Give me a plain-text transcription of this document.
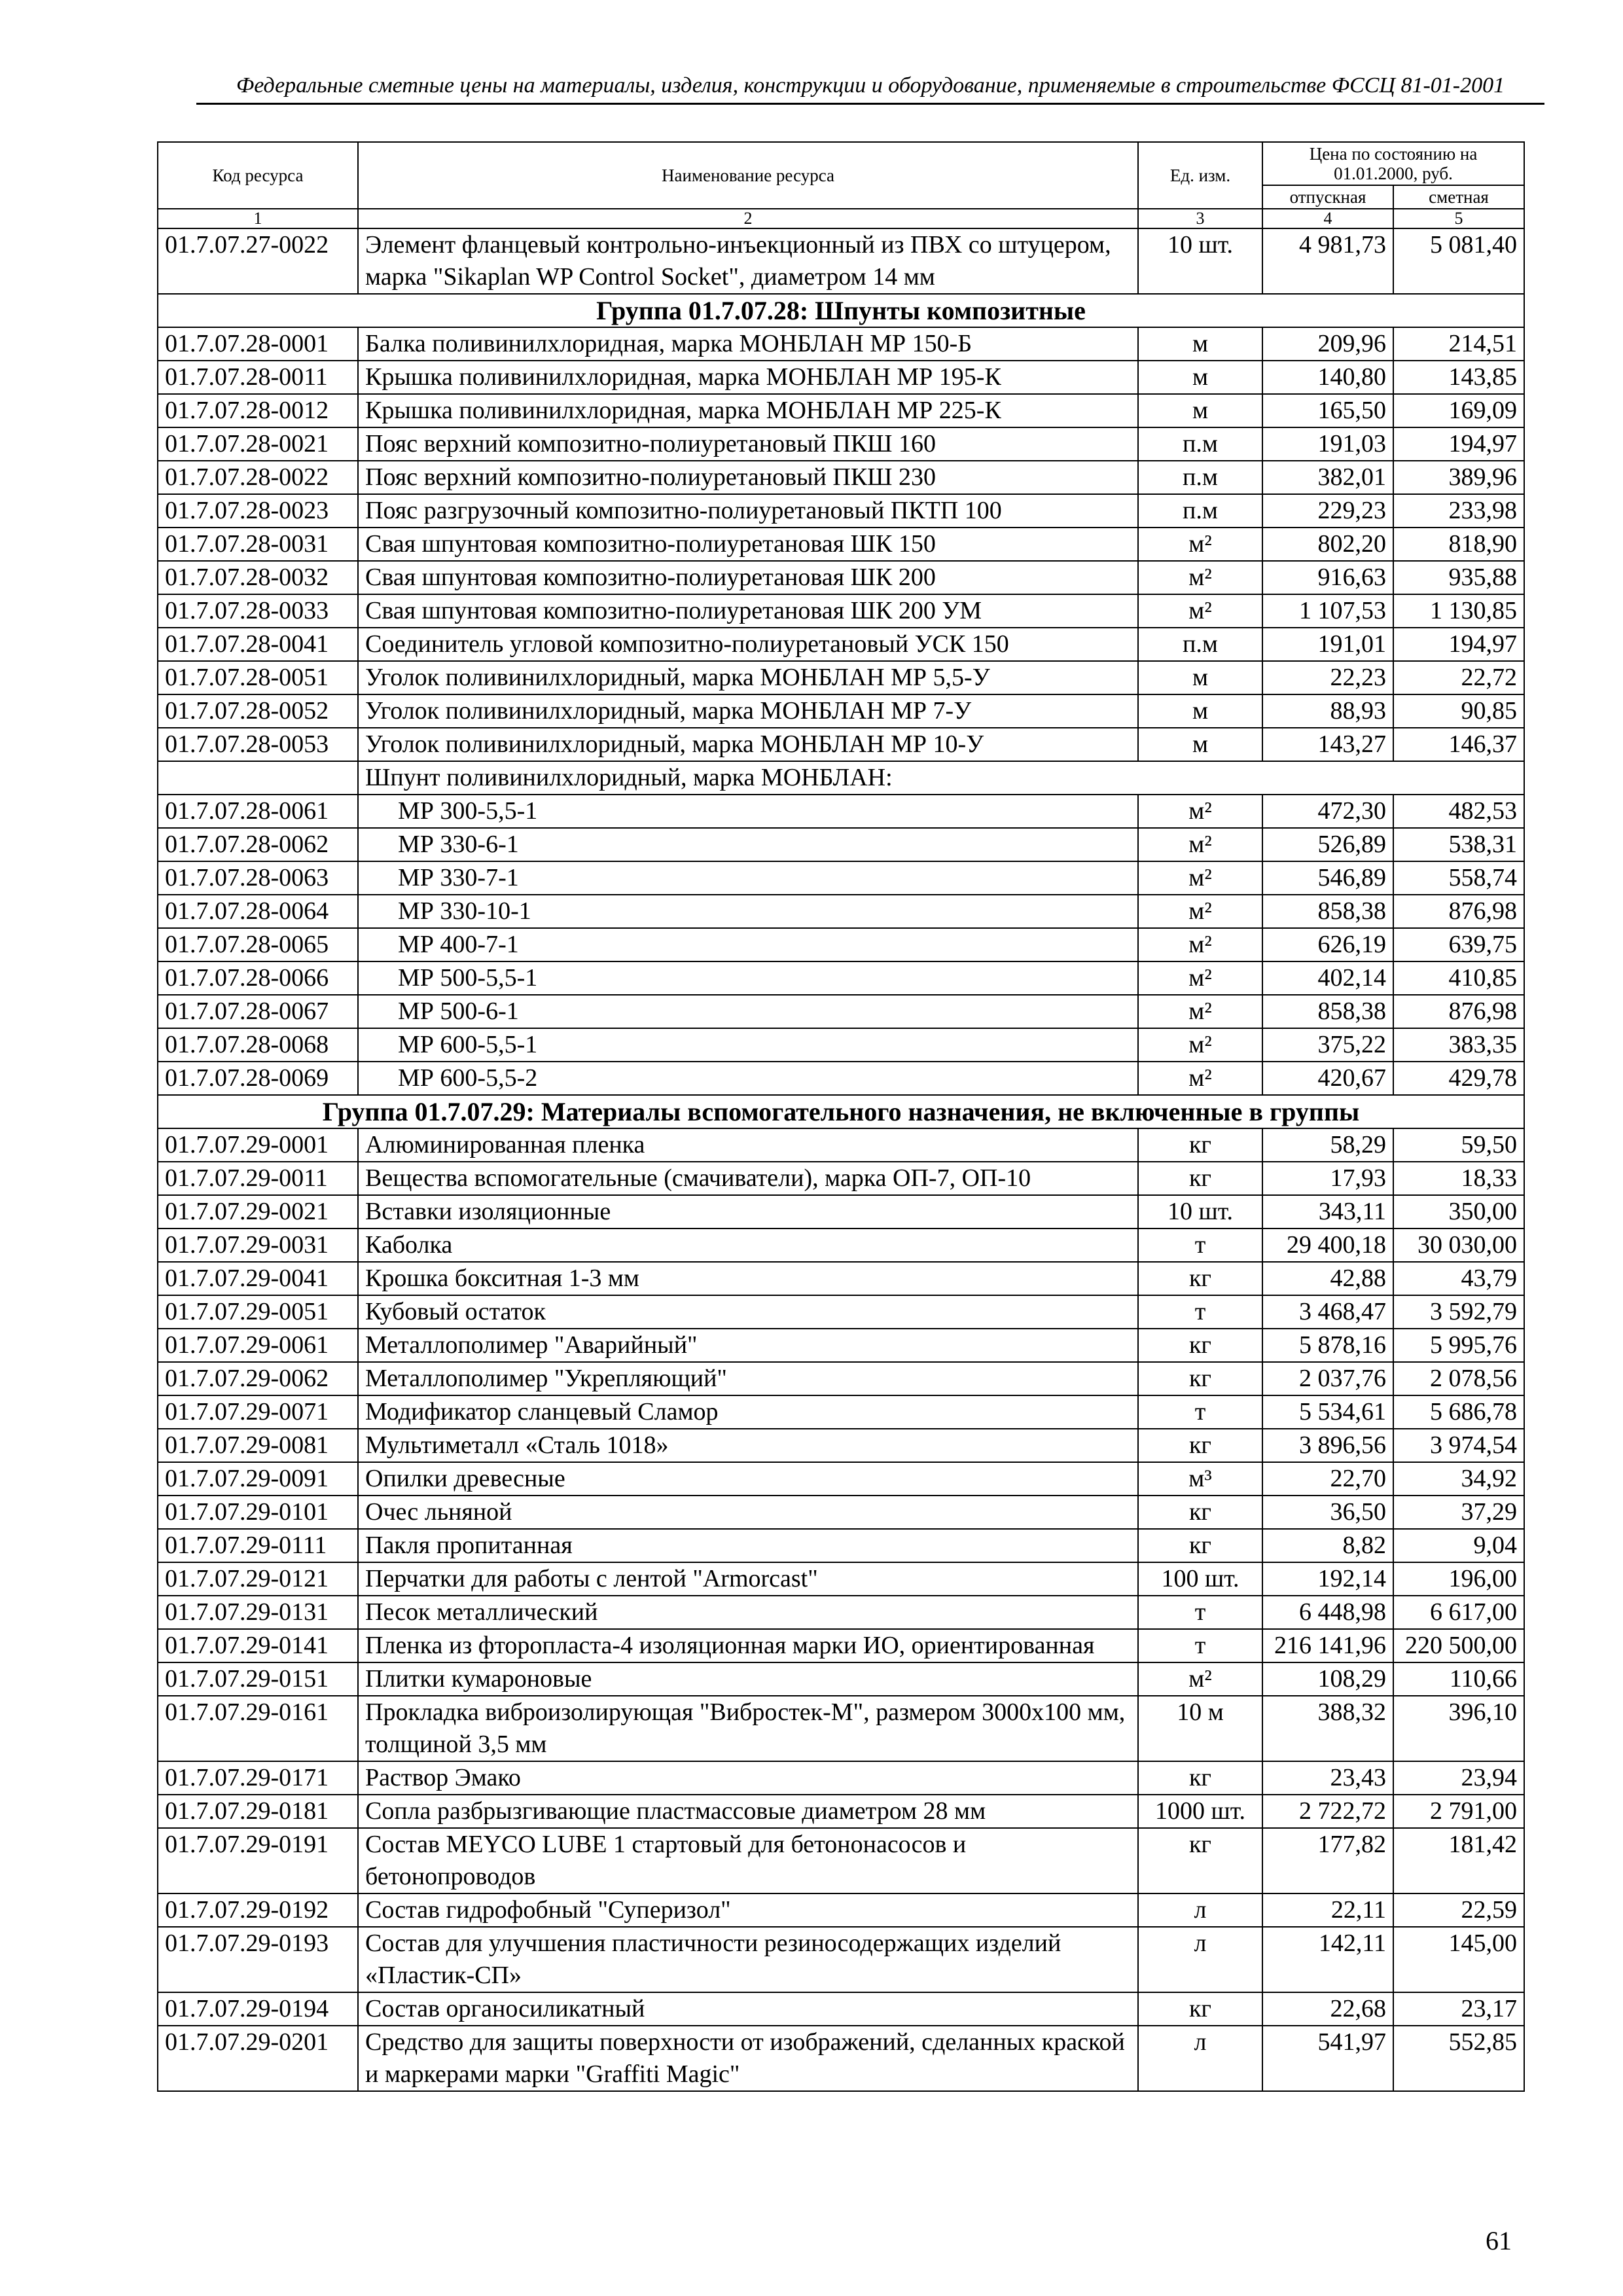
Федеральные сметные цены на материалы, изделия, конструкции и оборудование, применяемые в строительстве ФССЦ 81-01-2001
Код ресурса	Наименование ресурса	Ед. изм.	Цена по состоянию на 01.01.2000, руб.	
			отпускная	сметная
1	2	3	4	5
01.7.07.27-0022	Элемент фланцевый контрольно-инъекционный из ПВХ со штуцером, марка "Sikaplan WP Control Socket", диаметром 14 мм	10 шт.	4 981,73	5 081,40
Группа 01.7.07.28: Шпунты композитные				
01.7.07.28-0001	Балка поливинилхлоридная, марка МОНБЛАН МР 150-Б	м	209,96	214,51
01.7.07.28-0011	Крышка поливинилхлоридная, марка МОНБЛАН МР 195-К	м	140,80	143,85
01.7.07.28-0012	Крышка поливинилхлоридная, марка МОНБЛАН МР 225-К	м	165,50	169,09
01.7.07.28-0021	Пояс верхний композитно-полиуретановый ПКШ 160	п.м	191,03	194,97
01.7.07.28-0022	Пояс верхний композитно-полиуретановый ПКШ 230	п.м	382,01	389,96
01.7.07.28-0023	Пояс разгрузочный композитно-полиуретановый ПКТП 100	п.м	229,23	233,98
01.7.07.28-0031	Свая шпунтовая композитно-полиуретановая ШК 150	м²	802,20	818,90
01.7.07.28-0032	Свая шпунтовая композитно-полиуретановая ШК 200	м²	916,63	935,88
01.7.07.28-0033	Свая шпунтовая композитно-полиуретановая ШК 200 УМ	м²	1 107,53	1 130,85
01.7.07.28-0041	Соединитель угловой композитно-полиуретановый УСК 150	п.м	191,01	194,97
01.7.07.28-0051	Уголок поливинилхлоридный, марка МОНБЛАН МР 5,5-У	м	22,23	22,72
01.7.07.28-0052	Уголок поливинилхлоридный, марка МОНБЛАН МР 7-У	м	88,93	90,85
01.7.07.28-0053	Уголок поливинилхлоридный, марка МОНБЛАН МР 10-У	м	143,27	146,37
	Шпунт поливинилхлоридный, марка МОНБЛАН:			
01.7.07.28-0061	МР 300-5,5-1	м²	472,30	482,53
01.7.07.28-0062	МР 330-6-1	м²	526,89	538,31
01.7.07.28-0063	МР 330-7-1	м²	546,89	558,74
01.7.07.28-0064	МР 330-10-1	м²	858,38	876,98
01.7.07.28-0065	МР 400-7-1	м²	626,19	639,75
01.7.07.28-0066	МР 500-5,5-1	м²	402,14	410,85
01.7.07.28-0067	МР 500-6-1	м²	858,38	876,98
01.7.07.28-0068	МР 600-5,5-1	м²	375,22	383,35
01.7.07.28-0069	МР 600-5,5-2	м²	420,67	429,78
Группа 01.7.07.29: Материалы вспомогательного назначения, не включенные в группы				
01.7.07.29-0001	Алюминированная пленка	кг	58,29	59,50
01.7.07.29-0011	Вещества вспомогательные (смачиватели), марка ОП-7, ОП-10	кг	17,93	18,33
01.7.07.29-0021	Вставки изоляционные	10 шт.	343,11	350,00
01.7.07.29-0031	Каболка	т	29 400,18	30 030,00
01.7.07.29-0041	Крошка бокситная 1-3 мм	кг	42,88	43,79
01.7.07.29-0051	Кубовый остаток	т	3 468,47	3 592,79
01.7.07.29-0061	Металлополимер "Аварийный"	кг	5 878,16	5 995,76
01.7.07.29-0062	Металлополимер "Укрепляющий"	кг	2 037,76	2 078,56
01.7.07.29-0071	Модификатор сланцевый Сламор	т	5 534,61	5 686,78
01.7.07.29-0081	Мультиметалл «Сталь 1018»	кг	3 896,56	3 974,54
01.7.07.29-0091	Опилки древесные	м³	22,70	34,92
01.7.07.29-0101	Очес льняной	кг	36,50	37,29
01.7.07.29-0111	Пакля пропитанная	кг	8,82	9,04
01.7.07.29-0121	Перчатки для работы с лентой "Armorcast"	100 шт.	192,14	196,00
01.7.07.29-0131	Песок металлический	т	6 448,98	6 617,00
01.7.07.29-0141	Пленка из фторопласта-4 изоляционная марки ИО, ориентированная	т	216 141,96	220 500,00
01.7.07.29-0151	Плитки кумароновые	м²	108,29	110,66
01.7.07.29-0161	Прокладка виброизолирующая "Вибростек-М", размером 3000х100 мм, толщиной 3,5 мм	10 м	388,32	396,10
01.7.07.29-0171	Раствор Эмако	кг	23,43	23,94
01.7.07.29-0181	Сопла разбрызгивающие пластмассовые диаметром 28 мм	1000 шт.	2 722,72	2 791,00
01.7.07.29-0191	Состав MEYCO LUBE 1 стартовый для бетононасосов и бетонопроводов	кг	177,82	181,42
01.7.07.29-0192	Состав гидрофобный "Суперизол"	л	22,11	22,59
01.7.07.29-0193	Состав для улучшения пластичности резиносодержащих изделий «Пластик-СП»	л	142,11	145,00
01.7.07.29-0194	Состав органосиликатный	кг	22,68	23,17
01.7.07.29-0201	Средство для защиты поверхности от изображений, сделанных краской и маркерами марки "Graffiti Magic"	л	541,97	552,85
61
